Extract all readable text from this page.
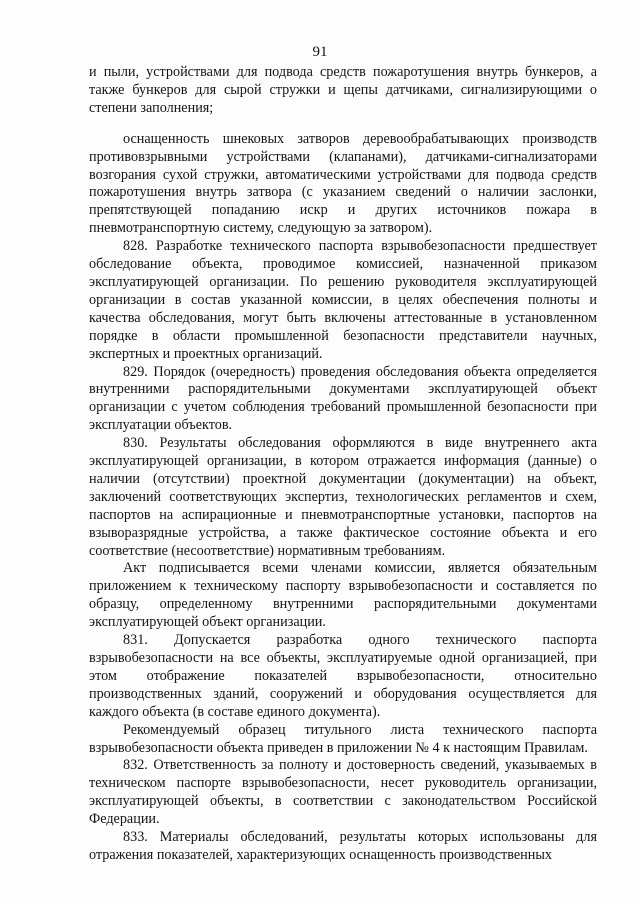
91

и пыли, устройствами для подвода средств пожаротушения внутрь бункеров, а также бункеров для сырой стружки и щепы датчиками, сигнализирующими о степени заполнения;

оснащенность шнековых затворов деревообрабатывающих производств противовзрывными устройствами (клапанами), датчиками-сигнализаторами возгорания сухой стружки, автоматическими устройствами для подвода средств пожаротушения внутрь затвора (с указанием сведений о наличии заслонки, препятствующей попаданию искр и других источников пожара в пневмотранспортную систему, следующую за затвором).

828. Разработке технического паспорта взрывобезопасности предшествует обследование объекта, проводимое комиссией, назначенной приказом эксплуатирующей организации. По решению руководителя эксплуатирующей организации в состав указанной комиссии, в целях обеспечения полноты и качества обследования, могут быть включены аттестованные в установленном порядке в области промышленной безопасности представители научных, экспертных и проектных организаций.

829. Порядок (очередность) проведения обследования объекта определяется внутренними распорядительными документами эксплуатирующей объект организации с учетом соблюдения требований промышленной безопасности при эксплуатации объектов.

830. Результаты обследования оформляются в виде внутреннего акта эксплуатирующей организации, в котором отражается информация (данные) о наличии (отсутствии) проектной документации (документации) на объект, заключений соответствующих экспертиз, технологических регламентов и схем, паспортов на аспирационные и пневмотранспортные установки, паспортов на взыворазрядные устройства, а также фактическое состояние объекта и его соответствие (несоответствие) нормативным требованиям.

Акт подписывается всеми членами комиссии, является обязательным приложением к техническому паспорту взрывобезопасности и составляется по образцу, определенному внутренними распорядительными документами эксплуатирующей объект организации.

831. Допускается разработка одного технического паспорта взрывобезопасности на все объекты, эксплуатируемые одной организацией, при этом отображение показателей взрывобезопасности, относительно производственных зданий, сооружений и оборудования осуществляется для каждого объекта (в составе единого документа).

Рекомендуемый образец титульного листа технического паспорта взрывобезопасности объекта приведен в приложении № 4 к настоящим Правилам.

832. Ответственность за полноту и достоверность сведений, указываемых в техническом паспорте взрывобезопасности, несет руководитель организации, эксплуатирующей объекты, в соответствии с законодательством Российской Федерации.

833. Материалы обследований, результаты которых использованы для отражения показателей, характеризующих оснащенность производственных
